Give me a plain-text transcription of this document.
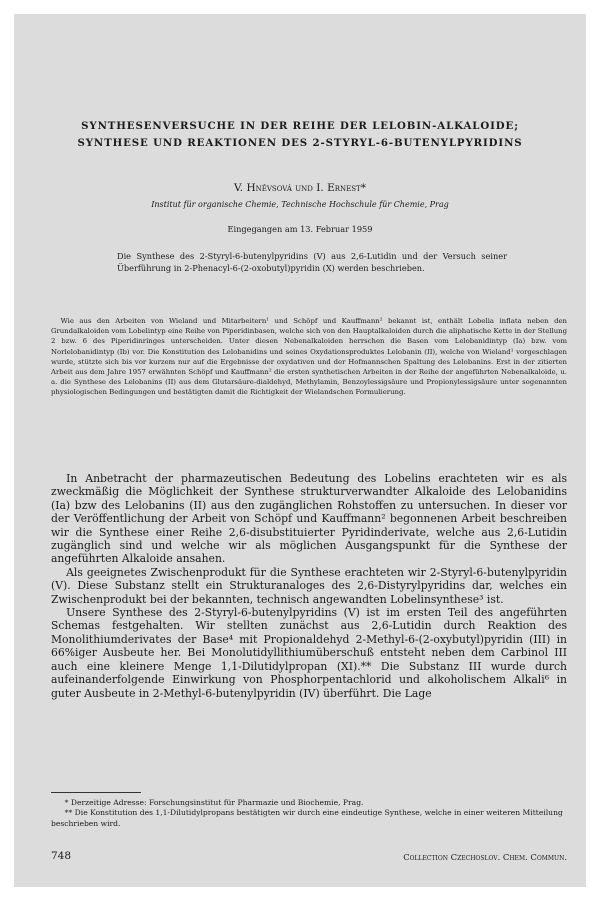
SYNTHESENVERSUCHE IN DER REIHE DER LELOBIN-ALKALOIDE;
SYNTHESE UND REAKTIONEN DES 2-STYRYL-6-BUTENYLPYRIDINS
V. Hněvsová und I. Ernest*
Institut für organische Chemie, Technische Hochschule für Chemie, Prag
Eingegangen am 13. Februar 1959
Die Synthese des 2-Styryl-6-butenylpyridins (V) aus 2,6-Lutidin und der Versuch seiner Überführung in 2-Phenacyl-6-(2-oxobutyl)pyridin (X) werden beschrieben.
Wie aus den Arbeiten von Wieland und Mitarbeitern¹ und Schöpf und Kauffmann² bekannt ist, enthält Lobelia inflata neben den Grundalkaloiden vom Lobelintyp eine Reihe von Piperidinbasen, welche sich von den Hauptalkaloiden durch die aliphatische Kette in der Stellung 2 bzw. 6 des Piperidinringes unterscheiden. Unter diesen Nebenalkaloiden herrschen die Basen vom Lelobanidintyp (Ia) bzw. vom Norlelobanidintyp (Ib) vor. Die Konstitution des Lelobanidins und seines Oxydationsproduktes Lelobanin (II), welche von Wieland¹ vorgeschlagen wurde, stützte sich bis vor kurzem nur auf die Ergebnisse der oxydativen und der Hofmannschen Spaltung des Lelobanins. Erst in der zitierten Arbeit aus dem Jahre 1957 erwähnten Schöpf und Kauffmann² die ersten synthetischen Arbeiten in der Reihe der angeführten Nebenalkaloide, u. a. die Synthese des Lelobanins (II) aus dem Glutarsäure-dialdehyd, Methylamin, Benzoylessigsäure und Propionylessigsäure unter sogenannten physiologischen Bedingungen und bestätigten damit die Richtigkeit der Wielandschen Formulierung.

In Anbetracht der pharmazeutischen Bedeutung des Lobelins erachteten wir es als zweckmäßig die Möglichkeit der Synthese strukturverwandter Alkaloide des Lelobanidins (Ia) bzw des Lelobanins (II) aus den zugänglichen Rohstoffen zu untersuchen. In dieser vor der Veröffentlichung der Arbeit von Schöpf und Kauffmann² begonnenen Arbeit beschreiben wir die Synthese einer Reihe 2,6-disubstituierter Pyridinderivate, welche aus 2,6-Lutidin zugänglich sind und welche wir als möglichen Ausgangspunkt für die Synthese der angeführten Alkaloide ansahen.

Als geeignetes Zwischenprodukt für die Synthese erachteten wir 2-Styryl-6-butenylpyridin (V). Diese Substanz stellt ein Strukturanaloges des 2,6-Distyrylpyridins dar, welches ein Zwischenprodukt bei der bekannten, technisch angewandten Lobelinsynthese³ ist.

Unsere Synthese des 2-Styryl-6-butenylpyridins (V) ist im ersten Teil des angeführten Schemas festgehalten. Wir stellten zunächst aus 2,6-Lutidin durch Reaktion des Monolithiumderivates der Base⁴ mit Propionaldehyd 2-Methyl-6-(2-oxybutyl)pyridin (III) in 66%iger Ausbeute her. Bei Monolutidyllithiumüberschuß entsteht neben dem Carbinol III auch eine kleinere Menge 1,1-Dilutidylpropan (XI).** Die Substanz III wurde durch aufeinanderfolgende Einwirkung von Phosphorpentachlorid und alkoholischem Alkali⁶ in guter Ausbeute in 2-Methyl-6-butenylpyridin (IV) überführt. Die Lage

* Derzeitige Adresse: Forschungsinstitut für Pharmazie und Biochemie, Prag.

** Die Konstitution des 1,1-Dilutidylpropans bestätigten wir durch eine eindeutige Synthese, welche in einer weiteren Mitteilung beschrieben wird.

748	Collection Czechoslov. Chem. Commun.
